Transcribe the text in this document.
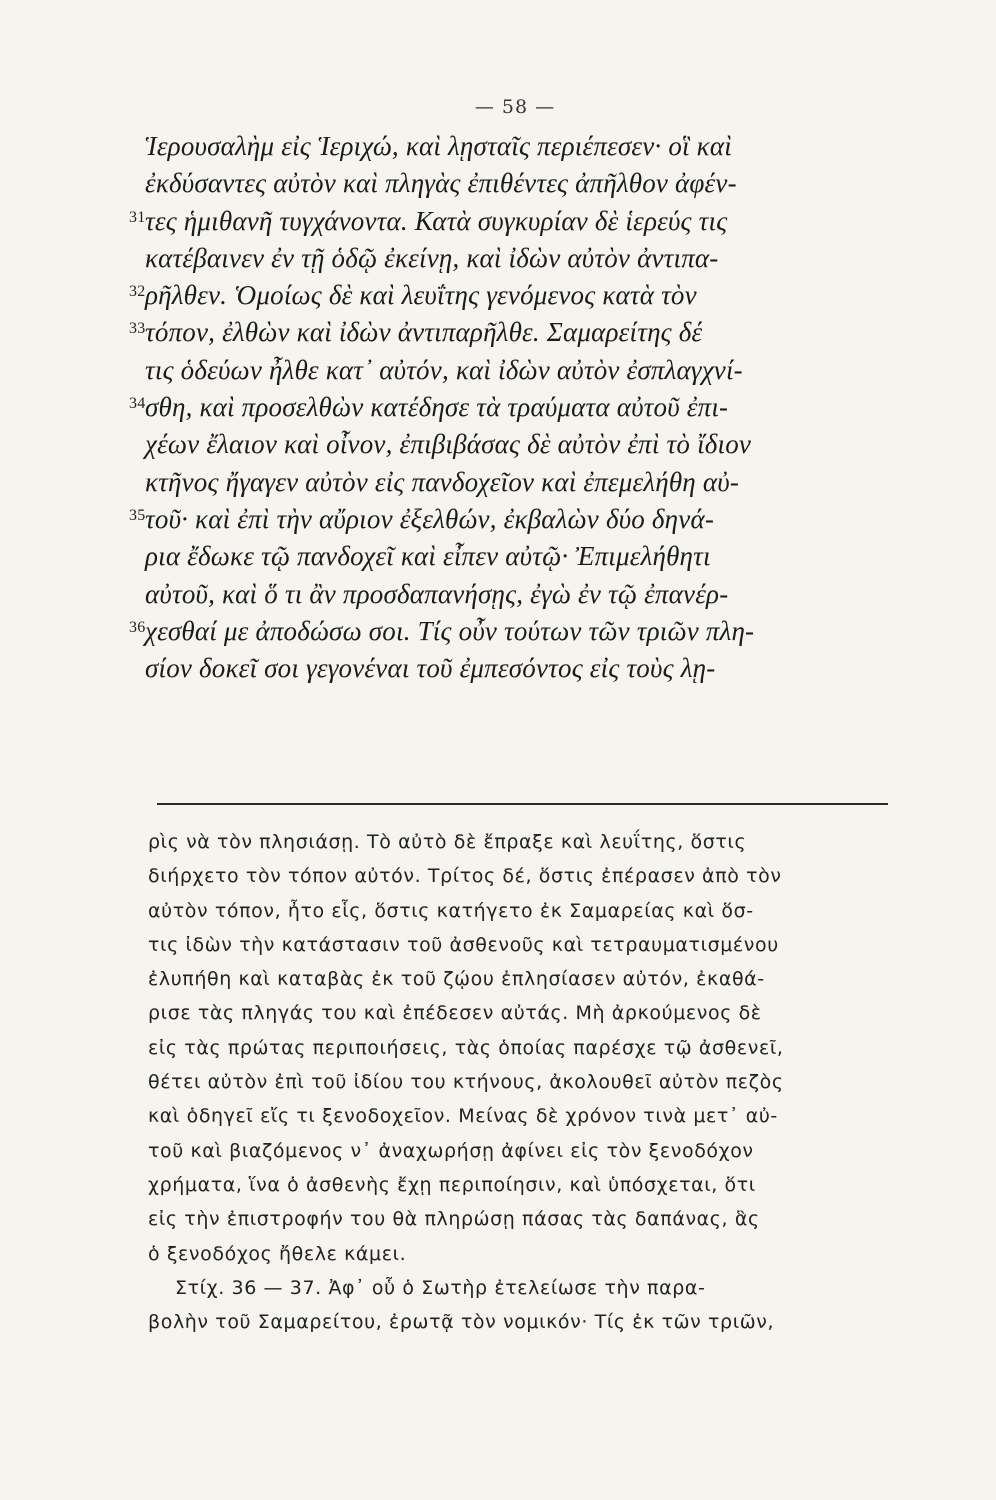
— 58 —
Ἱερουσαλὴμ εἰς Ἱεριχώ, καὶ λῃσταῖς περιέπεσεν· οἳ καὶ
ἐκδύσαντες αὐτὸν καὶ πληγὰς ἐπιθέντες ἀπῆλθον ἀφέν-
31 τες ἡμιθανῆ τυγχάνοντα. Κατὰ συγκυρίαν δὲ ἱερεύς τις
κατέβαινεν ἐν τῇ ὁδῷ ἐκείνῃ, καὶ ἰδὼν αὐτὸν ἀντιπα-
32 ρῆλθεν. Ὁμοίως δὲ καὶ λευΐτης γενόμενος κατὰ τὸν
33 τόπον, ἐλθὼν καὶ ἰδὼν ἀντιπαρῆλθε. Σαμαρείτης δέ
τις ὁδεύων ἦλθε κατ᾽ αὐτόν, καὶ ἰδὼν αὐτὸν ἐσπλαγχνί-
34 σθη, καὶ προσελθὼν κατέδησε τὰ τραύματα αὐτοῦ ἐπι-
χέων ἔλαιον καὶ οἶνον, ἐπιβιβάσας δὲ αὐτὸν ἐπὶ τὸ ἴδιον
κτῆνος ἤγαγεν αὐτὸν εἰς πανδοχεῖον καὶ ἐπεμελήθη αὐ-
35 τοῦ· καὶ ἐπὶ τὴν αὔριον ἐξελθών, ἐκβαλὼν δύο δηνά-
ρια ἔδωκε τῷ πανδοχεῖ καὶ εἶπεν αὐτῷ· Ἐπιμελήθητι
αὐτοῦ, καὶ ὅ τι ἂν προσδαπανήσῃς, ἐγὼ ἐν τῷ ἐπανέρ-
36 χεσθαί με ἀποδώσω σοι. Τίς οὖν τούτων τῶν τριῶν πλη-
σίον δοκεῖ σοι γεγονέναι τοῦ ἐμπεσόντος εἰς τοὺς λῃ-
ρὶς νὰ τὸν πλησιάσῃ. Τὸ αὐτὸ δὲ ἔπραξε καὶ λευΐτης, ὅστις
διήρχετο τὸν τόπον αὐτόν. Τρίτος δέ, ὅστις ἐπέρασεν ἀπὸ τὸν
αὐτὸν τόπον, ἦτο εἷς, ὅστις κατήγετο ἐκ Σαμαρείας καὶ ὅσ-
τις ἰδὼν τὴν κατάστασιν τοῦ ἀσθενοῦς καὶ τετραυματισμένου
ἐλυπήθη καὶ καταβὰς ἐκ τοῦ ζῴου ἐπλησίασεν αὐτόν, ἐκαθά-
ρισε τὰς πληγάς του καὶ ἐπέδεσεν αὐτάς. Μὴ ἀρκούμενος δὲ
εἰς τὰς πρώτας περιποιήσεις, τὰς ὁποίας παρέσχε τῷ ἀσθενεῖ,
θέτει αὐτὸν ἐπὶ τοῦ ἰδίου του κτήνους, ἀκολουθεῖ αὐτὸν πεζὸς
καὶ ὁδηγεῖ εἴς τι ξενοδοχεῖον. Μείνας δὲ χρόνον τινὰ μετ᾽ αὐ-
τοῦ καὶ βιαζόμενος ν᾽ ἀναχωρήσῃ ἀφίνει εἰς τὸν ξενοδόχον
χρήματα, ἵνα ὁ ἀσθενὴς ἔχῃ περιποίησιν, καὶ ὑπόσχεται, ὅτι
εἰς τὴν ἐπιστροφήν του θὰ πληρώσῃ πάσας τὰς δαπάνας, ἃς
ὁ ξενοδόχος ἤθελε κάμει.
Στίχ. 36 — 37. Ἀφ᾽ οὗ ὁ Σωτὴρ ἐτελείωσε τὴν παρα-
βολὴν τοῦ Σαμαρείτου, ἐρωτᾷ τὸν νομικόν· Τίς ἐκ τῶν τριῶν,
